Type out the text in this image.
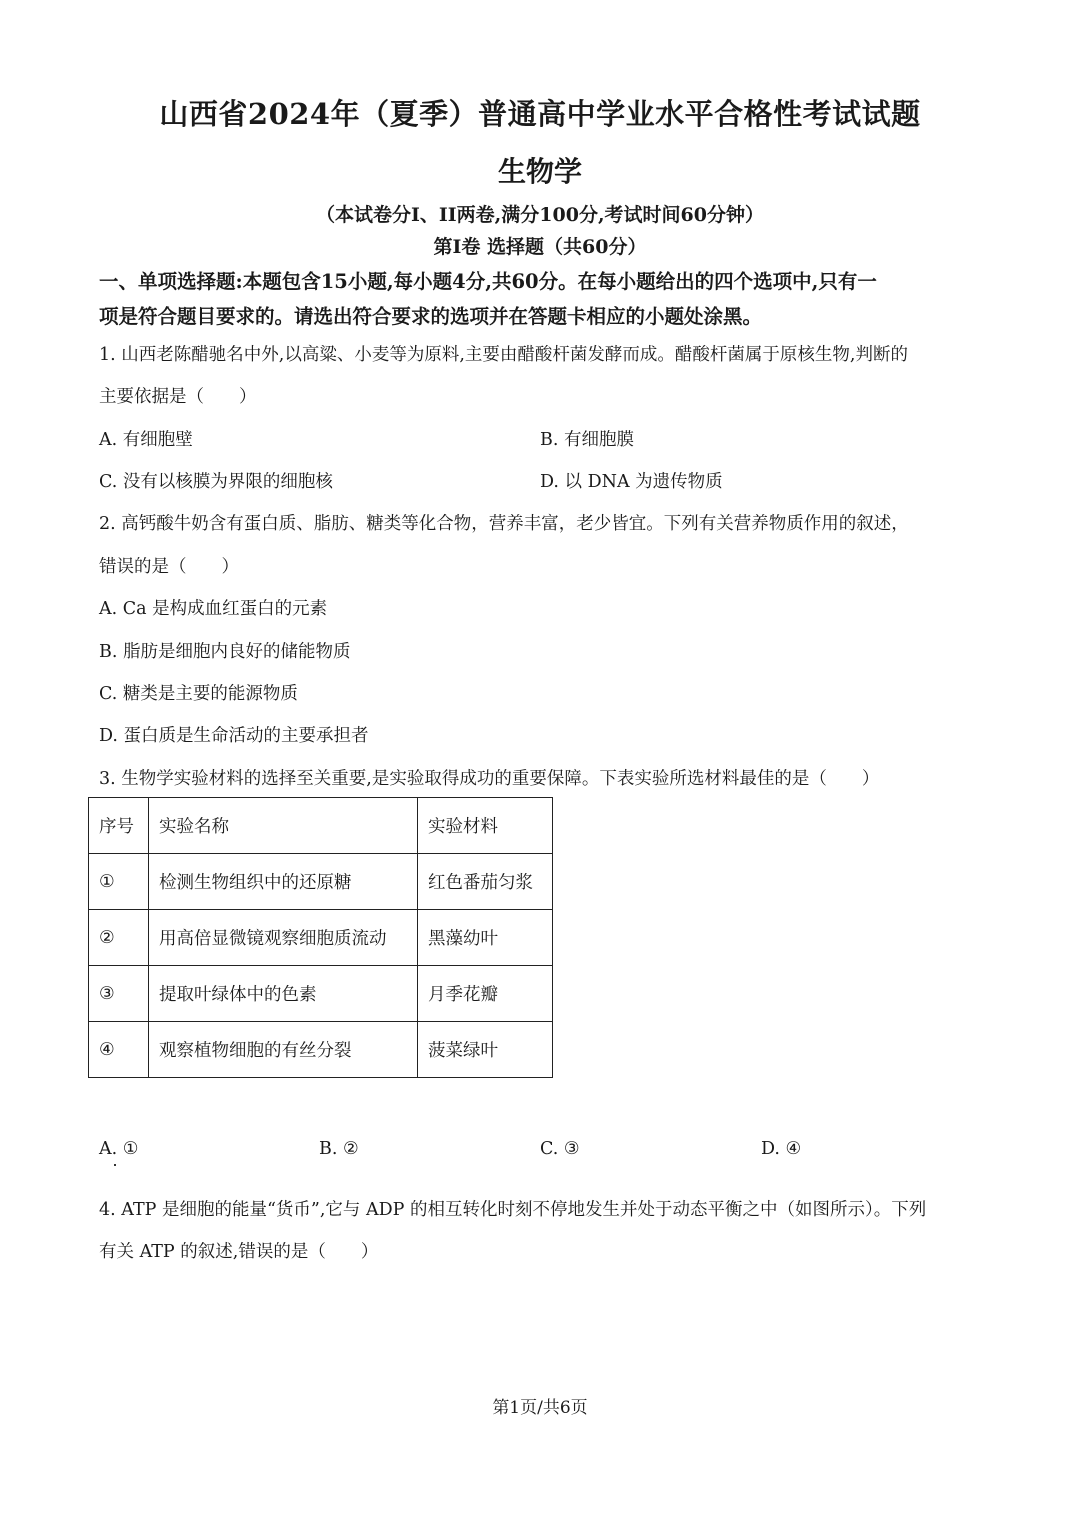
山西省2024年（夏季）普通高中学业水平合格性考试试题
生物学
（本试卷分I、II两卷,满分100分,考试时间60分钟）
第Ⅰ卷 选择题（共60分）
一、单项选择题:本题包含15小题,每小题4分,共60分。在每小题给出的四个选项中,只有一
项是符合题目要求的。请选出符合要求的选项并在答题卡相应的小题处涂黑。
1. 山西老陈醋驰名中外,以高粱、小麦等为原料,主要由醋酸杆菌发酵而成。醋酸杆菌属于原核生物,判断的
主要依据是（　　）
A. 有细胞壁	B. 有细胞膜
C. 没有以核膜为界限的细胞核	D. 以 DNA 为遗传物质
2. 高钙酸牛奶含有蛋白质、脂肪、糖类等化合物，营养丰富，老少皆宜。下列有关营养物质作用的叙述，
错误的是（　　）
A. Ca 是构成血红蛋白的元素
B. 脂肪是细胞内良好的储能物质
C. 糖类是主要的能源物质
D. 蛋白质是生命活动的主要承担者
3. 生物学实验材料的选择至关重要,是实验取得成功的重要保障。下表实验所选材料最佳的是（　　）
序号	实验名称	实验材料
①	检测生物组织中的还原糖	红色番茄匀浆
②	用高倍显微镜观察细胞质流动	黑藻幼叶
③	提取叶绿体中的色素	月季花瓣
④	观察植物细胞的有丝分裂	菠菜绿叶
A. ①	B. ②	C. ③	D. ④
4. ATP 是细胞的能量“货币”,它与 ADP 的相互转化时刻不停地发生并处于动态平衡之中（如图所示）。下列
有关 ATP 的叙述,错误的是（　　）
第1页/共6页
